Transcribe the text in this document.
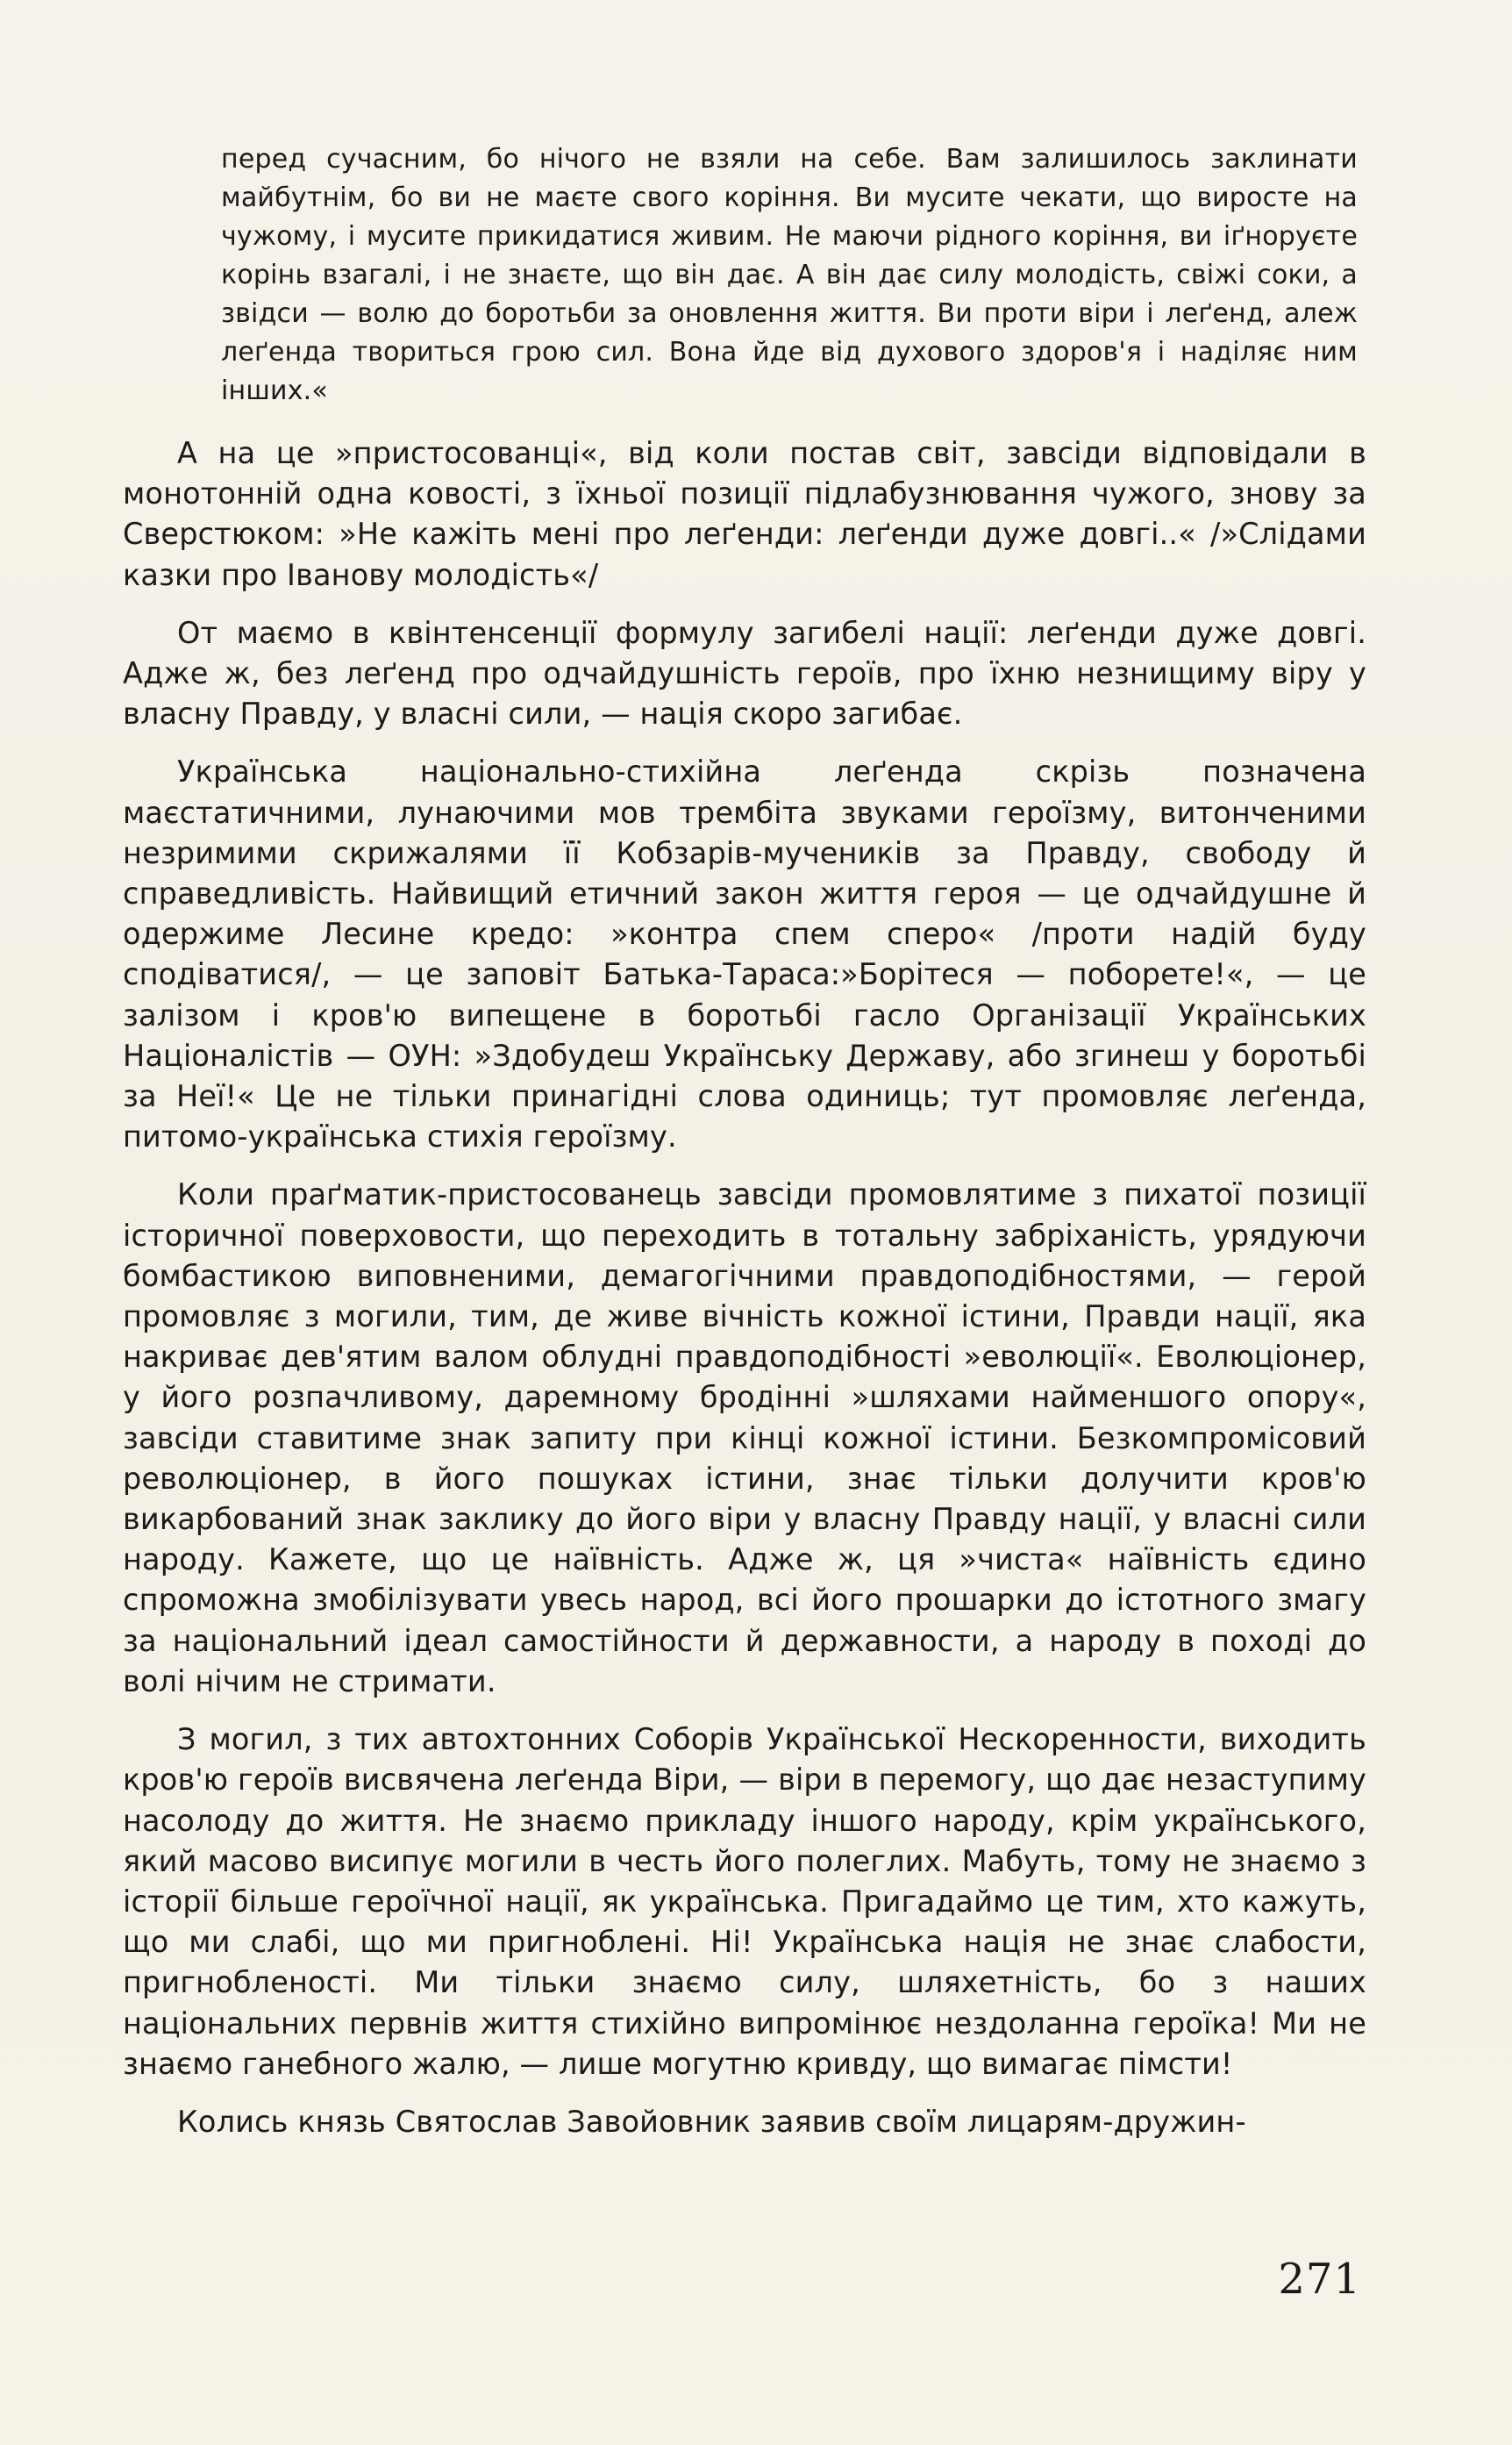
перед сучасним, бо нічого не взяли на себе. Вам залишилось заклинати майбутнім, бо ви не маєте свого коріння. Ви мусите чекати, що виросте на чужому, і мусите прикидатися живим. Не маючи рідного коріння, ви іґноруєте корінь взагалі, і не знаєте, що він дає. А він дає силу молодість, свіжі соки, а звідси — волю до боротьби за оновлення життя. Ви проти віри і леґенд, алеж леґенда твориться грою сил. Вона йде від духового здоров'я і наділяє ним інших.«

А на це »пристосованці«, від коли постав світ, завсіди відповідали в монотонній одна ковості, з їхньої позиції підлабузнювання чужого, знову за Сверстюком: »Не кажіть мені про леґенди: леґенди дуже довгі..« /»Слідами казки про Іванову молодість«/

От маємо в квінтенсенції формулу загибелі нації: леґенди дуже довгі. Адже ж, без леґенд про одчайдушність героїв, про їхню незнищиму віру у власну Правду, у власні сили, — нація скоро загибає.

Українська національно-стихійна леґенда скрізь позначена маєстатичними, лунаючими мов трембіта звуками героїзму, витонченими незримими скрижалями її Кобзарів-мучеників за Правду, свободу й справедливість. Найвищий етичний закон життя героя — це одчайдушне й одержиме Лесине кредо: »контра спем сперо« /проти надій буду сподіватися/, — це заповіт Батька-Тараса:»Борітеся — поборете!«, — це залізом і кров'ю випещене в боротьбі гасло Організації Українських Націоналістів — ОУН: »Здобудеш Українську Державу, або згинеш у боротьбі за Неї!« Це не тільки принагідні слова одиниць; тут промовляє леґенда, питомо-українська стихія героїзму.

Коли праґматик-пристосованець завсіди промовлятиме з пихатої позиції історичної поверховости, що переходить в тотальну забріханість, урядуючи бомбастикою виповненими, демагогічними правдоподібностями, — герой промовляє з могили, тим, де живе вічність кожної істини, Правди нації, яка накриває дев'ятим валом облудні правдоподібності »еволюції«. Еволюціонер, у його розпачливому, даремному бродінні »шляхами найменшого опору«, завсіди ставитиме знак запиту при кінці кожної істини. Безкомпромісовий революціонер, в його пошуках істини, знає тільки долучити кров'ю викарбований знак заклику до його віри у власну Правду нації, у власні сили народу. Кажете, що це наївність. Адже ж, ця »чиста« наївність єдино спроможна змобілізувати увесь народ, всі його прошарки до істотного змагу за національний ідеал самостійности й державности, а народу в поході до волі нічим не стримати.

З могил, з тих автохтонних Соборів Української Нескоренности, виходить кров'ю героїв висвячена леґенда Віри, — віри в перемогу, що дає незаступиму насолоду до життя. Не знаємо прикладу іншого народу, крім українського, який масово висипує могили в честь його полеглих. Мабуть, тому не знаємо з історії більше героїчної нації, як українська. Пригадаймо це тим, хто кажуть, що ми слабі, що ми пригноблені. Ні! Українська нація не знає слабости, пригнобленості. Ми тільки знаємо силу, шляхетність, бо з наших національних первнів життя стихійно випромінює нездоланна героїка! Ми не знаємо ганебного жалю, — лише могутню кривду, що вимагає пімсти!

Колись князь Святослав Завойовник заявив своїм лицарям-дружин-

271
